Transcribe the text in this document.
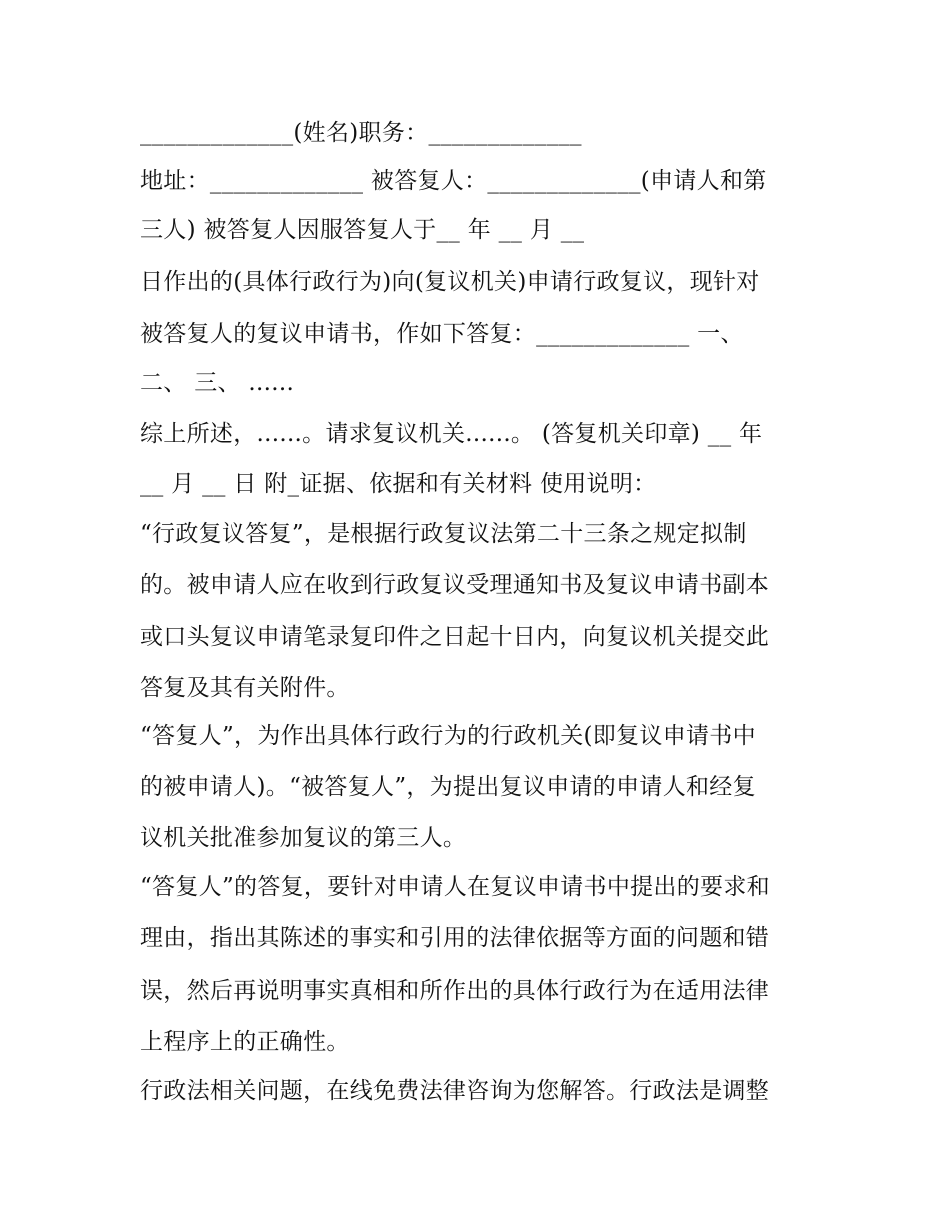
_____________(姓名)职务：_____________
地址：_____________ 被答复人：_____________(申请人和第
三人) 被答复人因服答复人于__ 年 __ 月 __
日作出的(具体行政行为)向(复议机关)申请行政复议，现针对
被答复人的复议申请书，作如下答复：_____________ 一、
二、 三、 ......
综上所述，......。请求复议机关......。 (答复机关印章) __ 年
__ 月 __ 日 附_证据、依据和有关材料 使用说明：
“行政复议答复”，是根据行政复议法第二十三条之规定拟制
的。被申请人应在收到行政复议受理通知书及复议申请书副本
或口头复议申请笔录复印件之日起十日内，向复议机关提交此
答复及其有关附件。
“答复人”，为作出具体行政行为的行政机关(即复议申请书中
的被申请人)。“被答复人”，为提出复议申请的申请人和经复
议机关批准参加复议的第三人。
“答复人”的答复，要针对申请人在复议申请书中提出的要求和
理由，指出其陈述的事实和引用的法律依据等方面的问题和错
误，然后再说明事实真相和所作出的具体行政行为在适用法律
上程序上的正确性。
行政法相关问题，在线免费法律咨询为您解答。行政法是调整
